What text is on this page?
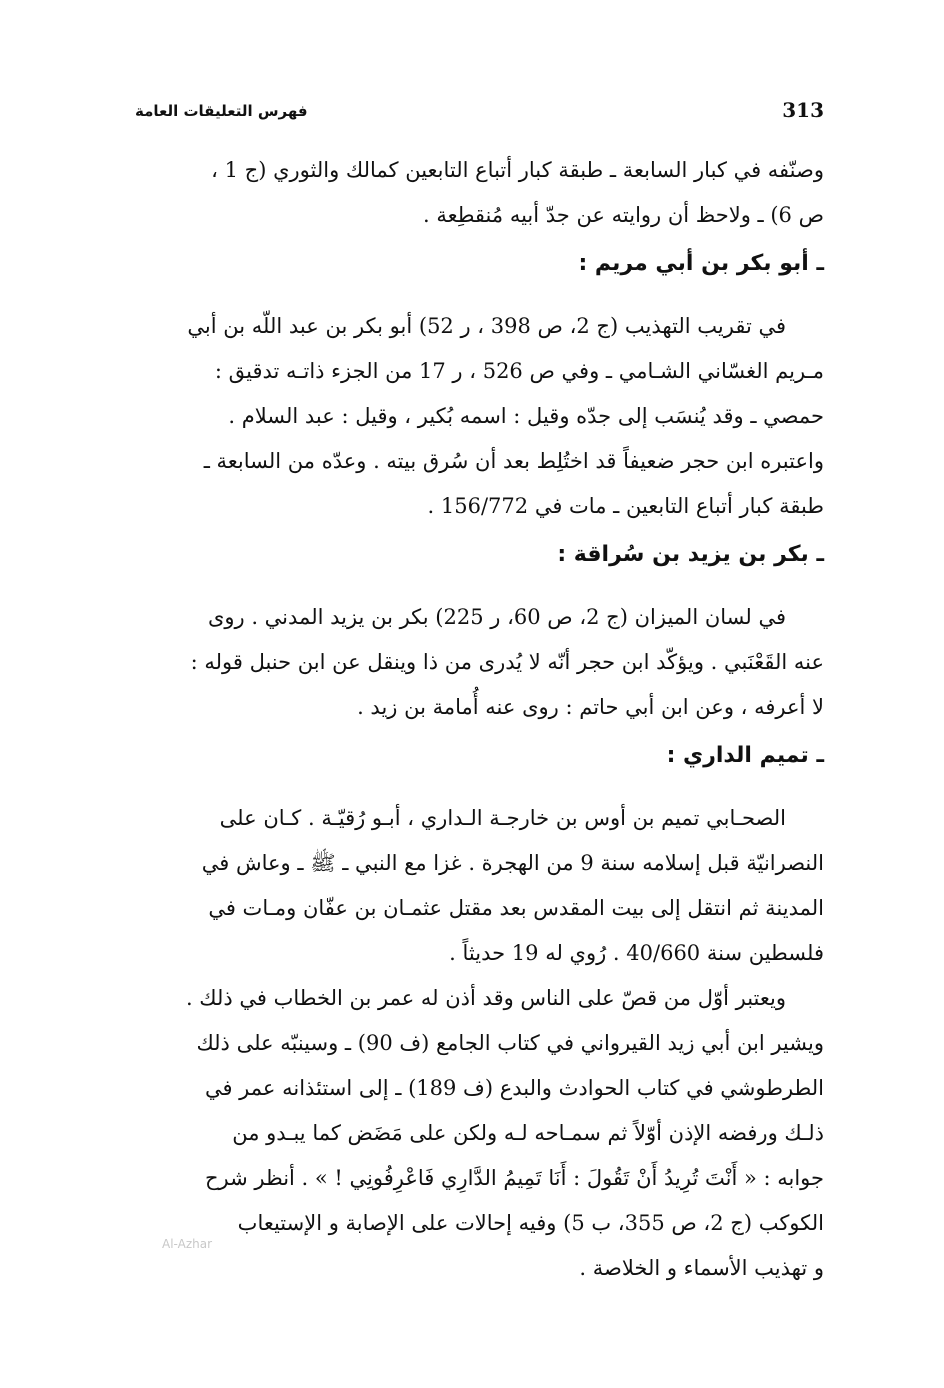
313
فهرس التعليقات العامة
وصنّفه في كبار السابعة ـ طبقة كبار أتباع التابعين كمالك والثوري (ج 1 ،
ص 6) ـ ولاحظ أن روايته عن جدّ أبيه مُنقطِعة .
ـ أبو بكر بن أبي مريم :
في تقريب التهذيب (ج 2، ص 398 ، ر 52) أبو بكر بن عبد اللّه بن أبي
مـريم الغسّاني الشـامي ـ وفي ص 526 ، ر 17 من الجزء ذاتـه تدقيق :
حمصي ـ وقد يُنسَب إلى جدّه وقيل : اسمه بُكير ، وقيل : عبد السلام .
واعتبره ابن حجر ضعيفاً قد اختُلِط بعد أن سُرق بيته . وعدّه من السابعة ـ
طبقة كبار أتباع التابعين ـ مات في 156/772 .
ـ بكر بن يزيد بن سُراقة :
في لسان الميزان (ج 2، ص 60، ر 225) بكر بن يزيد المدني . روى
عنه القَعْنَبي . ويؤكّد ابن حجر أنّه لا يُدرى من ذا وينقل عن ابن حنبل قوله :
لا أعرفه ، وعن ابن أبي حاتم : روى عنه أُمامة بن زيد .
ـ تميم الداري :
الصحـابي تميم بن أوس بن خارجـة الـداري ، أبـو رُقيّـة . كـان على
النصرانيّة قبل إسلامه سنة 9 من الهجرة . غزا مع النبي ـ ﷺ ـ وعاش في
المدينة ثم انتقل إلى بيت المقدس بعد مقتل عثمـان بن عفّان ومـات في
فلسطين سنة 40/660 . رُوي له 19 حديثاً .
ويعتبر أوّل من قصّ على الناس وقد أذن له عمر بن الخطاب في ذلك .
ويشير ابن أبي زيد القيرواني في كتاب الجامع (ف 90) ـ وسينبّه على ذلك
الطرطوشي في كتاب الحوادث والبدع (ف 189) ـ إلى استئذانه عمر في
ذلـك ورفضه الإذن أوّلاً ثم سمـاحه لـه ولكن على مَضَض كما يبـدو من
جوابه : « أَنْتَ تُرِيدُ أَنْ تَقُولَ : أَنَا تَمِيمُ الدَّارِي فَاعْرِفُونِي ! » . أنظر شرح
الكوكب (ج 2، ص 355، ب 5) وفيه إحالات على الإصابة و الإستيعاب
و تهذيب الأسماء و الخلاصة .
Al-Azhar
